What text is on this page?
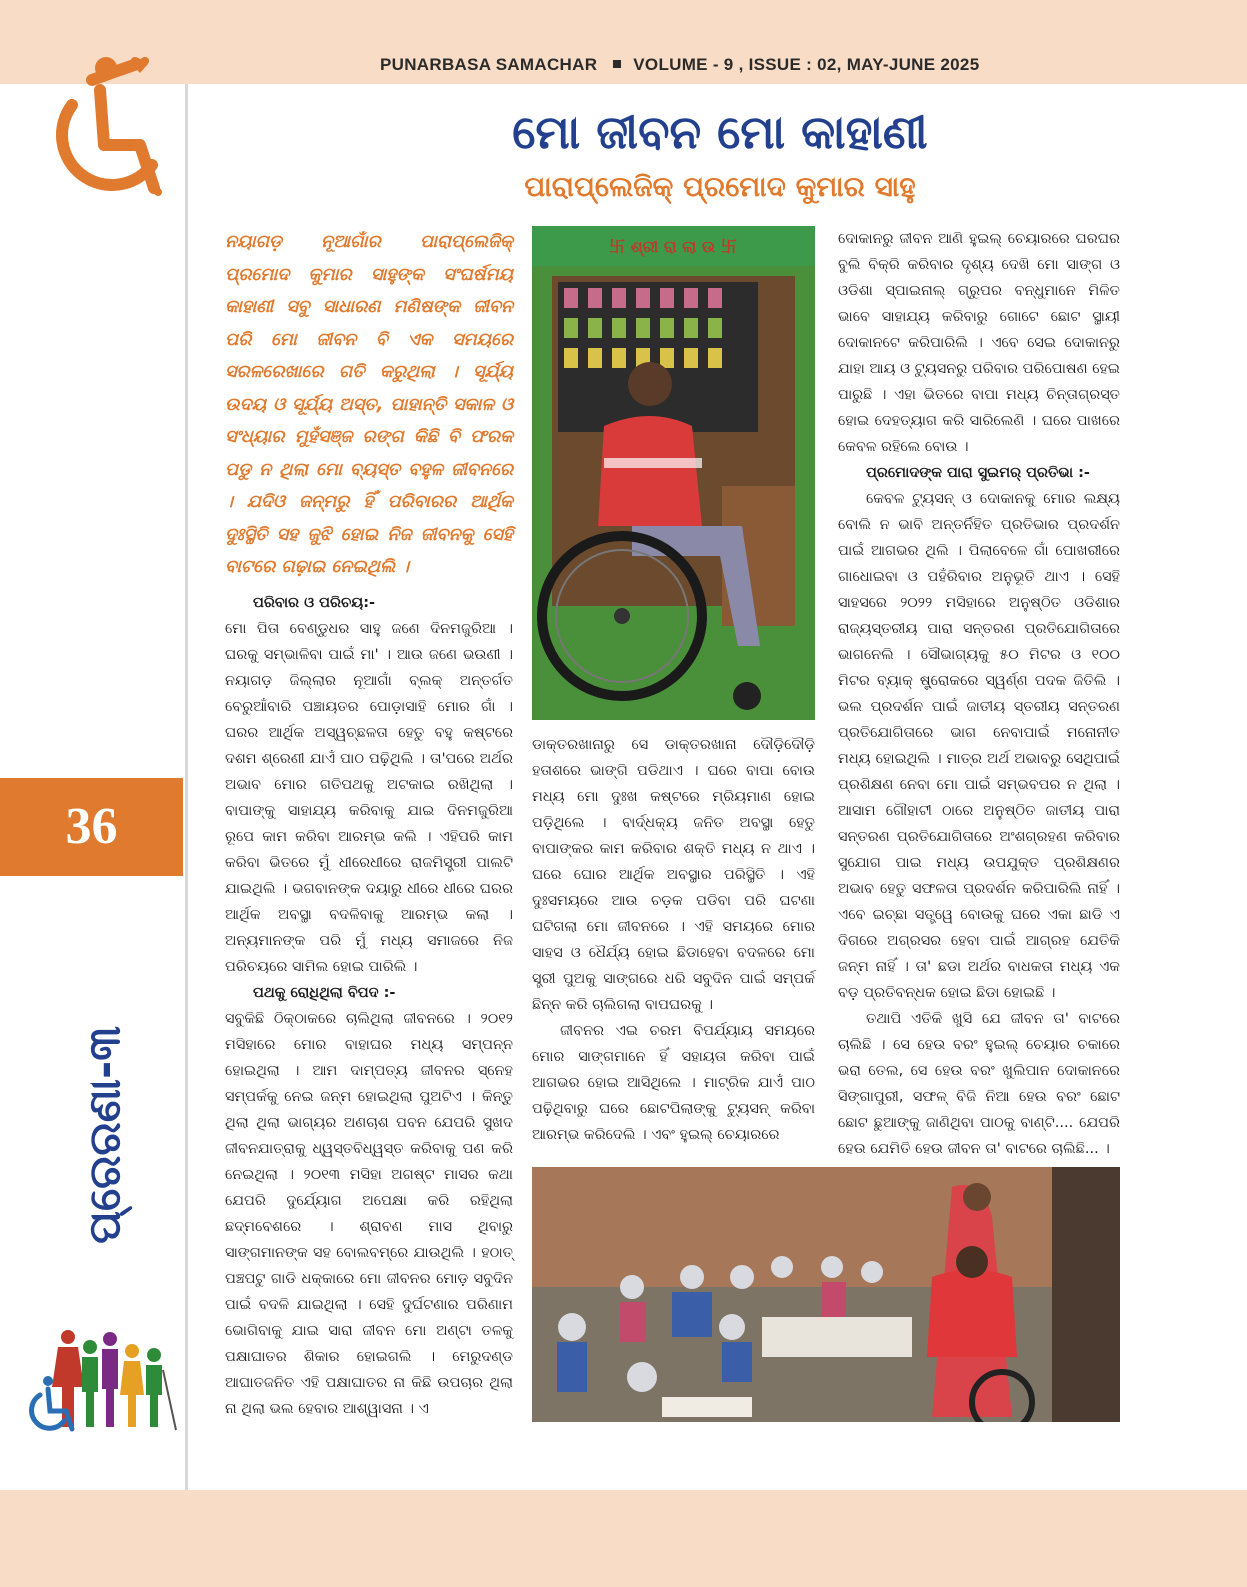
PUNARBASA SAMACHAR VOLUME - 9 , ISSUE : 02, MAY-JUNE 2025
36
ପ୍ରେରଣା-୩
ମୋ ଜୀବନ ମୋ କାହାଣୀ
ପାରାପ୍ଲେଜିକ୍ ପ୍ରମୋଦ କୁମାର ସାହୁ
ନୟାଗଡ଼ ନୂଆଗାଁର ପାରାପ୍ଲେଜିକ୍ ପ୍ରମୋଦ କୁମାର ସାହୁଙ୍କ ସଂଘର୍ଷମୟ କାହାଣୀ ସବୁ ସାଧାରଣ ମଣିଷଙ୍କ ଜୀବନ ପରି ମୋ ଜୀବନ ବି ଏକ ସମୟରେ ସରଳରେଖାରେ ଗତି କରୁଥିଲା । ସୂର୍ଯ୍ୟ ଉଦୟ ଓ ସୂର୍ଯ୍ୟ ଅସ୍ତ, ପାହାନ୍ତି ସକାଳ ଓ ସଂଧ୍ୟାର ମୁହଁସଞ୍ଜ ରଙ୍ଗ କିଛି ବି ଫରକ ପଡୁ ନ ଥିଲା ମୋ ବ୍ୟସ୍ତ ବହୁଳ ଜୀବନରେ । ଯଦିଓ ଜନ୍ମରୁ ହିଁ ପରିବାରର ଆର୍ଥିକ ଦୁଃସ୍ଥିତି ସହ ଜୁଝି ହୋଇ ନିଜ ଜୀବନକୁ ସେହି ବାଟରେ ଗଢ଼ାଇ ନେଇଥିଲି ।

ପରିବାର ଓ ପରିଚୟ:-

ମୋ ପିତା ବେଣ୍ଡୁଧର ସାହୁ ଜଣେ ଦିନମଜୁରିଆ । ଘରକୁ ସମ୍ଭାଳିବା ପାଇଁ ମା' । ଆଉ ଜଣେ ଭଉଣୀ । ନୟାଗଡ଼ ଜିଲ୍ଲାର ନୂଆଗାଁ ବ୍ଲକ୍ ଅନ୍ତର୍ଗତ ବେରୁଆଁବାରି ପଞ୍ଚାୟତର ପୋଡ଼ାସାହି ମୋର ଗାଁ । ଘରର ଆର୍ଥିକ ଅସ୍ୱଚ୍ଛଳତା ହେତୁ ବହୁ କଷ୍ଟରେ ଦଶମ ଶ୍ରେଣୀ ଯାଏଁ ପାଠ ପଢ଼ିଥିଲି । ତା'ପରେ ଅର୍ଥର ଅଭାବ ମୋର ଗତିପଥକୁ ଅଟକାଇ ରଖିଥିଲା । ବାପାଙ୍କୁ ସାହାଯ୍ୟ କରିବାକୁ ଯାଇ ଦିନମଜୁରିଆ ରୂପେ କାମ କରିବା ଆରମ୍ଭ କଲି । ଏହିପରି କାମ କରିବା ଭିତରେ ମୁଁ ଧୀରେଧୀରେ ରାଜମିସ୍ତ୍ରୀ ପାଲଟି ଯାଇଥିଲି । ଭଗବାନଙ୍କ ଦୟାରୁ ଧୀରେ ଧୀରେ ଘରର ଆର୍ଥିକ ଅବସ୍ଥା ବଦଳିବାକୁ ଆରମ୍ଭ କଲା । ଅନ୍ୟମାନଙ୍କ ପରି ମୁଁ ମଧ୍ୟ ସମାଜରେ ନିଜ ପରିଚୟରେ ସାମିଲ ହୋଇ ପାରିଲି ।

ପଥକୁ ରୋଧିଥିଲା ବିପଦ :-

ସବୁକିଛି ଠିକ୍‌ଠାକରେ ଚାଲିଥିଲା ଜୀବନରେ । ୨୦୧୨ ମସିହାରେ ମୋର ବାହାଘର ମଧ୍ୟ ସମ୍ପନ୍ନ ହୋଇଥିଲା । ଆମ ଦାମ୍ପତ୍ୟ ଜୀବନର ସ୍ନେହ ସମ୍ପର୍କକୁ ନେଇ ଜନ୍ମ ହୋଇଥିଲା ପୁଅଟିଏ । କିନ୍ତୁ ଥିଲା ଥିଲା ଭାଗ୍ୟର ଅଣଚାଶ ପବନ ଯେପରି ସୁଖଦ ଜୀବନଯାତ୍ରାକୁ ଧ୍ୱସ୍ତବିଧ୍ୱସ୍ତ କରିବାକୁ ପଣ କରି ନେଇଥିଲା । ୨୦୧୩ ମସିହା ଅଗଷ୍ଟ ମାସର କଥା ଯେପରି ଦୁର୍ଯ୍ୟୋଗ ଅପେକ୍ଷା କରି ରହିଥିଲା ଛଦ୍ମବେଶରେ । ଶ୍ରାବଣ ମାସ ଥିବାରୁ ସାଙ୍ଗମାନଙ୍କ ସହ ବୋଲବମ୍‌ରେ ଯାଉଥିଲି । ହଠାତ୍ ପଞ୍ଚପଟୁ ଗାଡି ଧକ୍କାରେ ମୋ ଜୀବନର ମୋଡ଼ ସବୁଦିନ ପାଇଁ ବଦଳି ଯାଇଥିଲା । ସେହି ଦୁର୍ଘଟଣାର ପରିଣାମ ଭୋଗିବାକୁ ଯାଇ ସାରା ଜୀବନ ମୋ ଅଣ୍ଟା ତଳକୁ ପକ୍ଷାଘାତର ଶିକାର ହୋଇଗଲି । ମେରୁଦଣ୍ଡ ଆଘାତଜନିତ ଏହି ପକ୍ଷାଘାତର ନା କିଛି ଉପଚାର ଥିଲା ନା ଥିଲା ଭଲ ହେବାର ଆଶ୍ୱାସନା । ଏ

卐 ଶ୍ରୀ ରା ଲା ଉ 卐

ଡାକ୍ତରଖାନାରୁ ସେ ଡାକ୍ତରଖାନା ଦୌଡ଼ିଦୌଡ଼ି ହତାଶରେ ଭାଙ୍ଗି ପଡିଥାଏ । ଘରେ ବାପା ବୋଉ ମଧ୍ୟ ମୋ ଦୁଃଖ କଷ୍ଟରେ ମ୍ରିୟମାଣ ହୋଇ ପଡ଼ିଥିଲେ । ବାର୍ଦ୍ଧକ୍ୟ ଜନିତ ଅବସ୍ଥା ହେତୁ ବାପାଙ୍କର କାମ କରିବାର ଶକ୍ତି ମଧ୍ୟ ନ ଥାଏ । ଘରେ ଘୋର ଆର୍ଥିକ ଅବସ୍ଥାର ପରିସ୍ଥିତି । ଏହି ଦୁଃସମୟରେ ଆଉ ଚଡ଼କ ପଡିବା ପରି ଘଟଣା ଘଟିଗଲା ମୋ ଜୀବନରେ । ଏହି ସମୟରେ ମୋର ସାହସ ଓ ଧୈର୍ଯ୍ୟ ହୋଇ ଛିଡାହେବା ବଦଳରେ ମୋ ସ୍ତ୍ରୀ ପୁଅକୁ ସାଙ୍ଗରେ ଧରି ସବୁଦିନ ପାଇଁ ସମ୍ପର୍କ ଛିନ୍ନ କରି ଚାଲିଗଲା ବାପଘରକୁ ।

ଜୀବନର ଏଇ ଚରମ ବିପର୍ଯ୍ୟାୟ ସମୟରେ ମୋର ସାଙ୍ଗମାନେ ହିଁ ସହାୟତା କରିବା ପାଇଁ ଆଗଭର ହୋଇ ଆସିଥିଲେ । ମାଟ୍ରିକ ଯାଏଁ ପାଠ ପଢ଼ିଥିବାରୁ ଘରେ ଛୋଟପିଲାଙ୍କୁ ଟ୍ୟୁସନ୍ କରିବା ଆରମ୍ଭ କରିଦେଲି । ଏବଂ ହୁଇଲ୍ ଚେୟାରରେ

ଦୋକାନରୁ ଜୀବନ ଆଣି ହୁଇଲ୍ ଚେୟାରରେ ଘରଘର ବୁଲି ବିକ୍ରି କରିବାର ଦୃଶ୍ୟ ଦେଖି ମୋ ସାଙ୍ଗ ଓ ଓଡିଶା ସ୍ପାଇନାଲ୍ ଗ୍ରୁପର ବନ୍ଧୁମାନେ ମିଳିତ ଭାବେ ସାହାଯ୍ୟ କରିବାରୁ ଗୋଟେ ଛୋଟ ସ୍ଥାୟୀ ଦୋକାନଟେ କରିପାରିଲି । ଏବେ ସେଇ ଦୋକାନରୁ ଯାହା ଆୟ ଓ ଟ୍ୟୁସନରୁ ପରିବାର ପରିପୋଷଣ ହେଇ ପାରୁଛି । ଏହା ଭିତରେ ବାପା ମଧ୍ୟ ଚିନ୍ତାଗ୍ରସ୍ତ ହୋଇ ଦେହତ୍ୟାଗ କରି ସାରିଲେଣି । ଘରେ ପାଖରେ କେବଳ ରହିଲେ ବୋଉ ।

ପ୍ରମୋଦଙ୍କ ପାରା ସୁଇମର୍ ପ୍ରତିଭା :-

କେବଳ ଟ୍ୟୁସନ୍ ଓ ଦୋକାନକୁ ମୋର ଲକ୍ଷ୍ୟ ବୋଲି ନ ଭାବି ଅନ୍ତର୍ନିହିତ ପ୍ରତିଭାର ପ୍ରଦର୍ଶନ ପାଇଁ ଆଗଭର ଥିଲି । ପିଲାବେଳେ ଗାଁ ପୋଖରୀରେ ଗାଧୋଇବା ଓ ପହଁରିବାର ଅନୁଭୂତି ଥାଏ । ସେହି ସାହସରେ ୨୦୨୨ ମସିହାରେ ଅନୁଷ୍ଠିତ ଓଡିଶାର ରାଜ୍ୟସ୍ତରୀୟ ପାରା ସନ୍ତରଣ ପ୍ରତିଯୋଗିତାରେ ଭାଗନେଲି । ସୌଭାଗ୍ୟକୁ ୫୦ ମିଟର ଓ ୧୦୦ ମିଟର ବ୍ୟାକ୍ ଷ୍ଟ୍ରୋକରେ ସ୍ୱର୍ଣ୍ଣ ପଦକ ଜିତିଲି । ଭଲ ପ୍ରଦର୍ଶନ ପାଇଁ ଜାତୀୟ ସ୍ତରୀୟ ସନ୍ତରଣ ପ୍ରତିଯୋଗିତାରେ ଭାଗ ନେବାପାଇଁ ମନୋନୀତ ମଧ୍ୟ ହୋଇଥିଲି । ମାତ୍ର ଅର୍ଥ ଅଭାବରୁ ସେଥିପାଇଁ ପ୍ରଶିକ୍ଷଣ ନେବା ମୋ ପାଇଁ ସମ୍ଭବପର ନ ଥିଲା । ଆସାମ ଗୌହାଟୀ ଠାରେ ଅନୁଷ୍ଠିତ ଜାତୀୟ ପାରା ସନ୍ତରଣ ପ୍ରତିଯୋଗିତାରେ ଅଂଶଗ୍ରହଣ କରିବାର ସୁଯୋଗ ପାଇ ମଧ୍ୟ ଉପଯୁକ୍ତ ପ୍ରଶିକ୍ଷଣର ଅଭାବ ହେତୁ ସଫଳତା ପ୍ରଦର୍ଶନ କରିପାରିଲି ନାହିଁ । ଏବେ ଇଚ୍ଛା ସତ୍ତ୍ୱେ ବୋଉକୁ ଘରେ ଏକା ଛାଡି ଏ ଦିଗରେ ଅଗ୍ରସର ହେବା ପାଇଁ ଆଗ୍ରହ ଯେତିକି ଜନ୍ମ ନାହିଁ । ତା' ଛଡା ଅର୍ଥର ବାଧକତା ମଧ୍ୟ ଏକ ବଡ଼ ପ୍ରତିବନ୍ଧକ ହୋଇ ଛିଡା ହୋଇଛି ।

ତଥାପି ଏତିକି ଖୁସି ଯେ ଜୀବନ ତା' ବାଟରେ ଚାଲିଛି । ସେ ହେଉ ବରଂ ହୁଇଲ୍ ଚେୟାର ଚକାରେ ଭରା ତେଲ, ସେ ହେଉ ବରଂ ଖୁଲିପାନ ଦୋକାନରେ ସିଙ୍ଗାପୁରୀ, ସଫଳ୍ ବିଜି ନିଆ ହେଉ ବରଂ ଛୋଟ ଛୋଟ ଛୁଆଙ୍କୁ ଜାଣିଥିବା ପାଠକୁ ବାଣ୍ଟି.... ଯେପରି ହେଉ ଯେମିତି ହେଉ ଜୀବନ ତା' ବାଟରେ ଚାଲିଛି... ।
